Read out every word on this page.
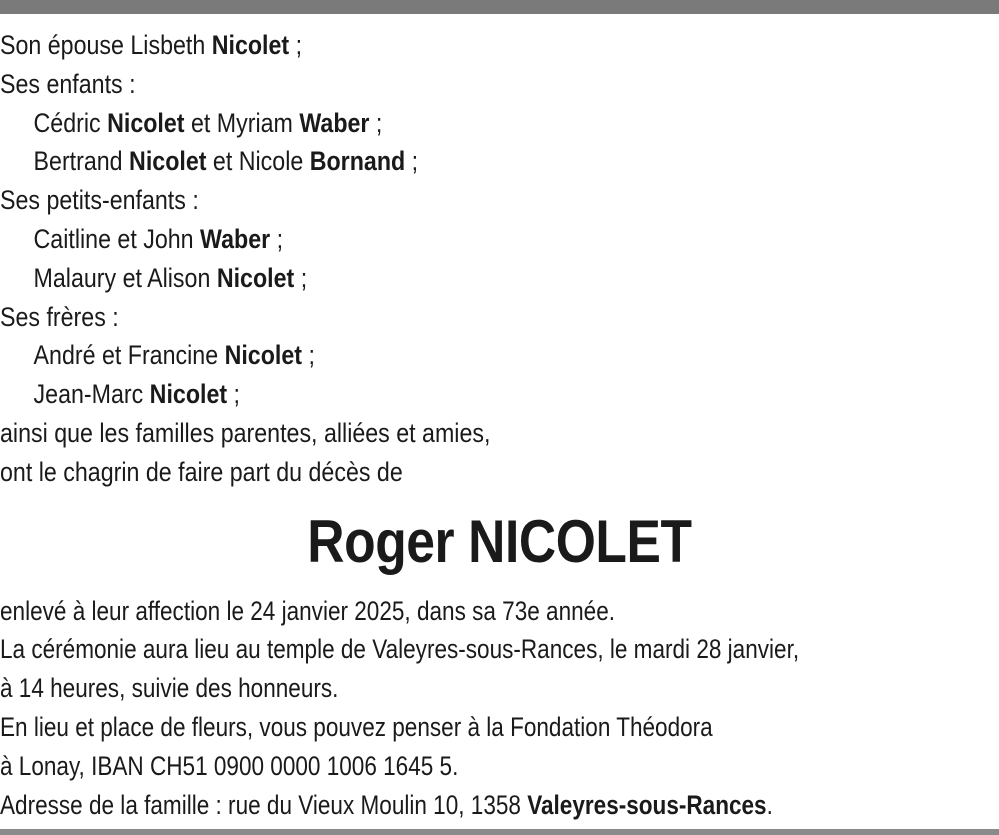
Son épouse Lisbeth Nicolet ;
Ses enfants :
Cédric Nicolet et Myriam Waber ;
Bertrand Nicolet et Nicole Bornand ;
Ses petits-enfants :
Caitline et John Waber ;
Malaury et Alison Nicolet ;
Ses frères :
André et Francine Nicolet ;
Jean-Marc Nicolet ;
ainsi que les familles parentes, alliées et amies,
ont le chagrin de faire part du décès de
Roger NICOLET
enlevé à leur affection le 24 janvier 2025, dans sa 73e année.
La cérémonie aura lieu au temple de Valeyres-sous-Rances, le mardi 28 janvier,
à 14 heures, suivie des honneurs.
En lieu et place de fleurs, vous pouvez penser à la Fondation Théodora
à Lonay, IBAN CH51 0900 0000 1006 1645 5.
Adresse de la famille : rue du Vieux Moulin 10, 1358 Valeyres-sous-Rances.
